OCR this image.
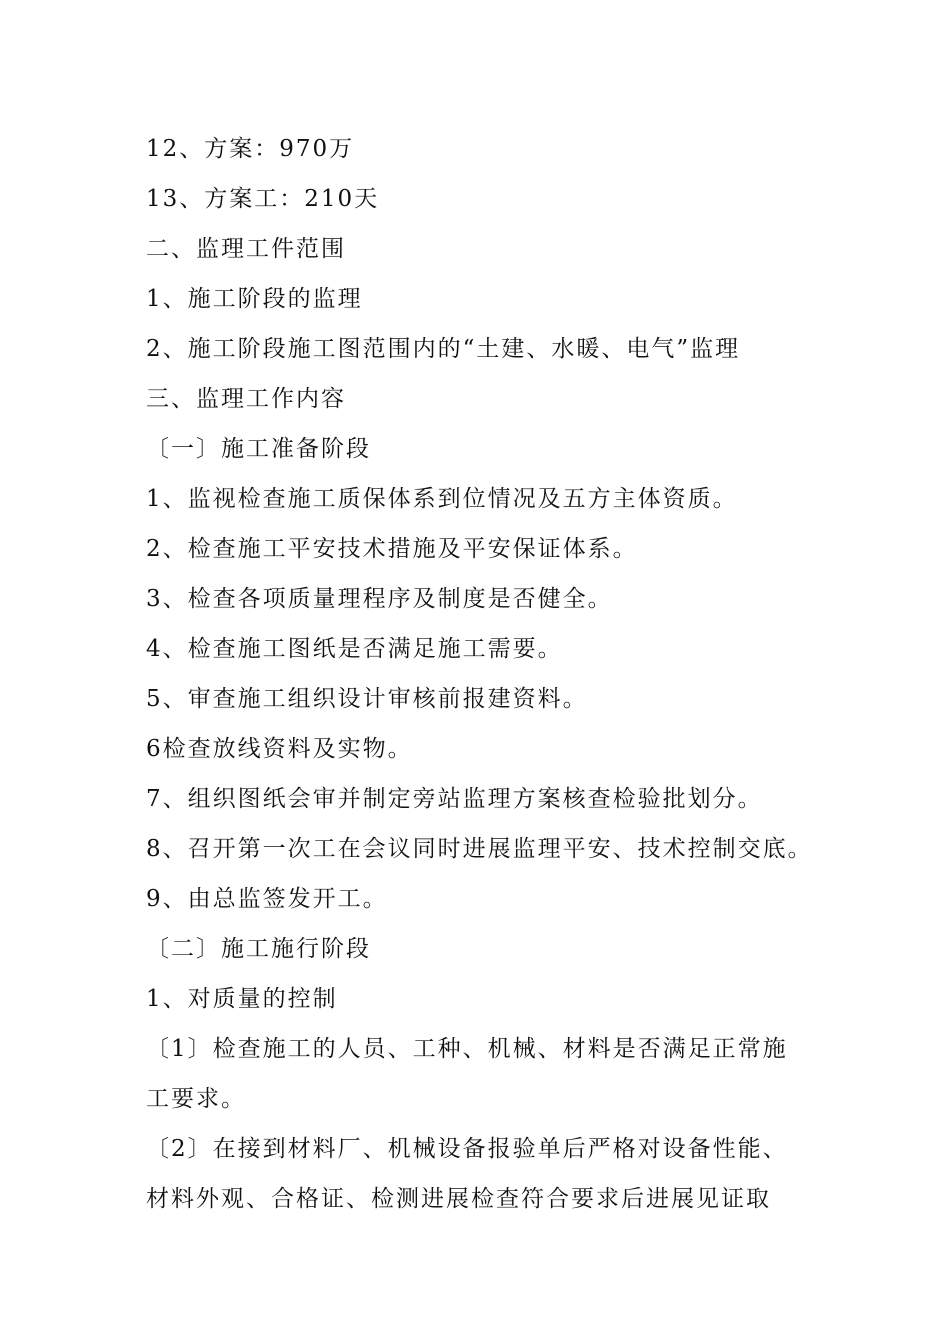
12、方案：970万
13、方案工：210天
二、监理工件范围
1、施工阶段的监理
2、施工阶段施工图范围内的“土建、水暖、电气”监理
三、监理工作内容
〔一〕施工准备阶段
1、监视检查施工质保体系到位情况及五方主体资质。
2、检查施工平安技术措施及平安保证体系。
3、检查各项质量理程序及制度是否健全。
4、检查施工图纸是否满足施工需要。
5、审查施工组织设计审核前报建资料。
6检查放线资料及实物。
7、组织图纸会审并制定旁站监理方案核查检验批划分。
8、召开第一次工在会议同时进展监理平安、技术控制交底。
9、由总监签发开工。
〔二〕施工施行阶段
1、对质量的控制
〔1〕检查施工的人员、工种、机械、材料是否满足正常施
工要求。
〔2〕在接到材料厂、机械设备报验单后严格对设备性能、
材料外观、合格证、检测进展检查符合要求后进展见证取
